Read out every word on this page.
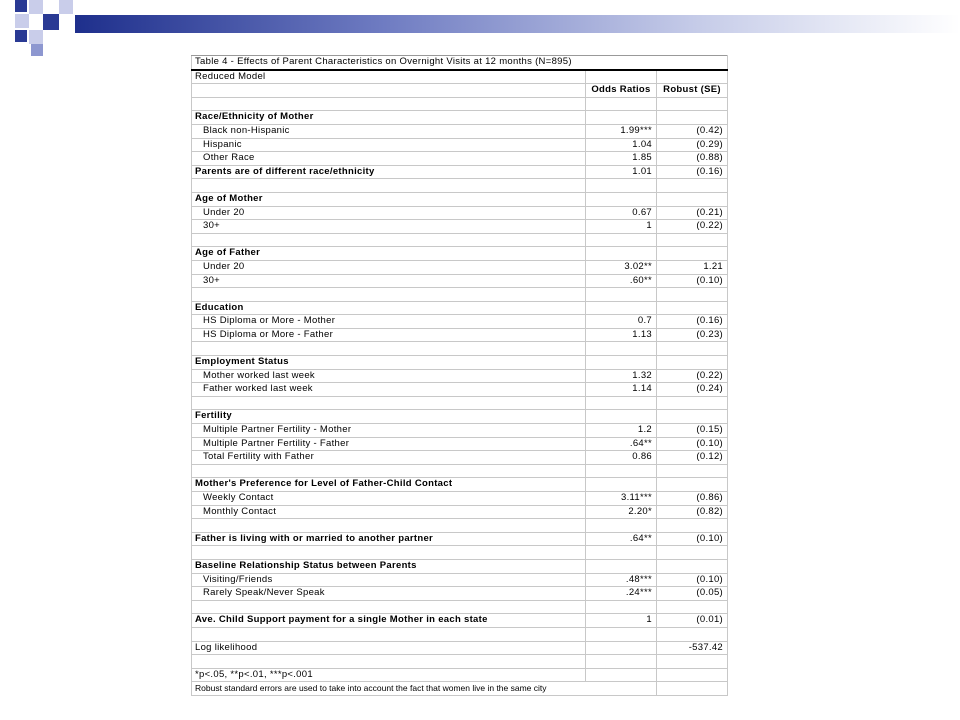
Table 4 - Effects of Parent Characteristics on Overnight Visits at 12 months (N=895)		
Reduced Model		
	Odds Ratios	Robust (SE)

Race/Ethnicity of Mother		
Black non-Hispanic	1.99***	(0.42)
Hispanic	1.04	(0.29)
Other Race	1.85	(0.88)
Parents are of different race/ethnicity	1.01	(0.16)

Age of Mother		
Under 20	0.67	(0.21)
30+	1	(0.22)

Age of Father		
Under 20	3.02**	1.21
30+	.60**	(0.10)

Education		
HS Diploma or More - Mother	0.7	(0.16)
HS Diploma or More - Father	1.13	(0.23)

Employment Status		
Mother worked last week	1.32	(0.22)
Father worked last week	1.14	(0.24)

Fertility		
Multiple Partner Fertility - Mother	1.2	(0.15)
Multiple Partner Fertility - Father	.64**	(0.10)
Total Fertility with Father	0.86	(0.12)

Mother's Preference for Level of Father-Child Contact		
Weekly Contact	3.11***	(0.86)
Monthly Contact	2.20*	(0.82)

Father is living with or married to another partner	.64**	(0.10)

Baseline Relationship Status between Parents		
Visiting/Friends	.48***	(0.10)
Rarely Speak/Never Speak	.24***	(0.05)

Ave. Child Support payment for a single Mother in each state	1	(0.01)

Log likelihood		-537.42

*p<.05, **p<.01, ***p<.001		
Robust standard errors are used to take into account the fact that women live in the same city		
